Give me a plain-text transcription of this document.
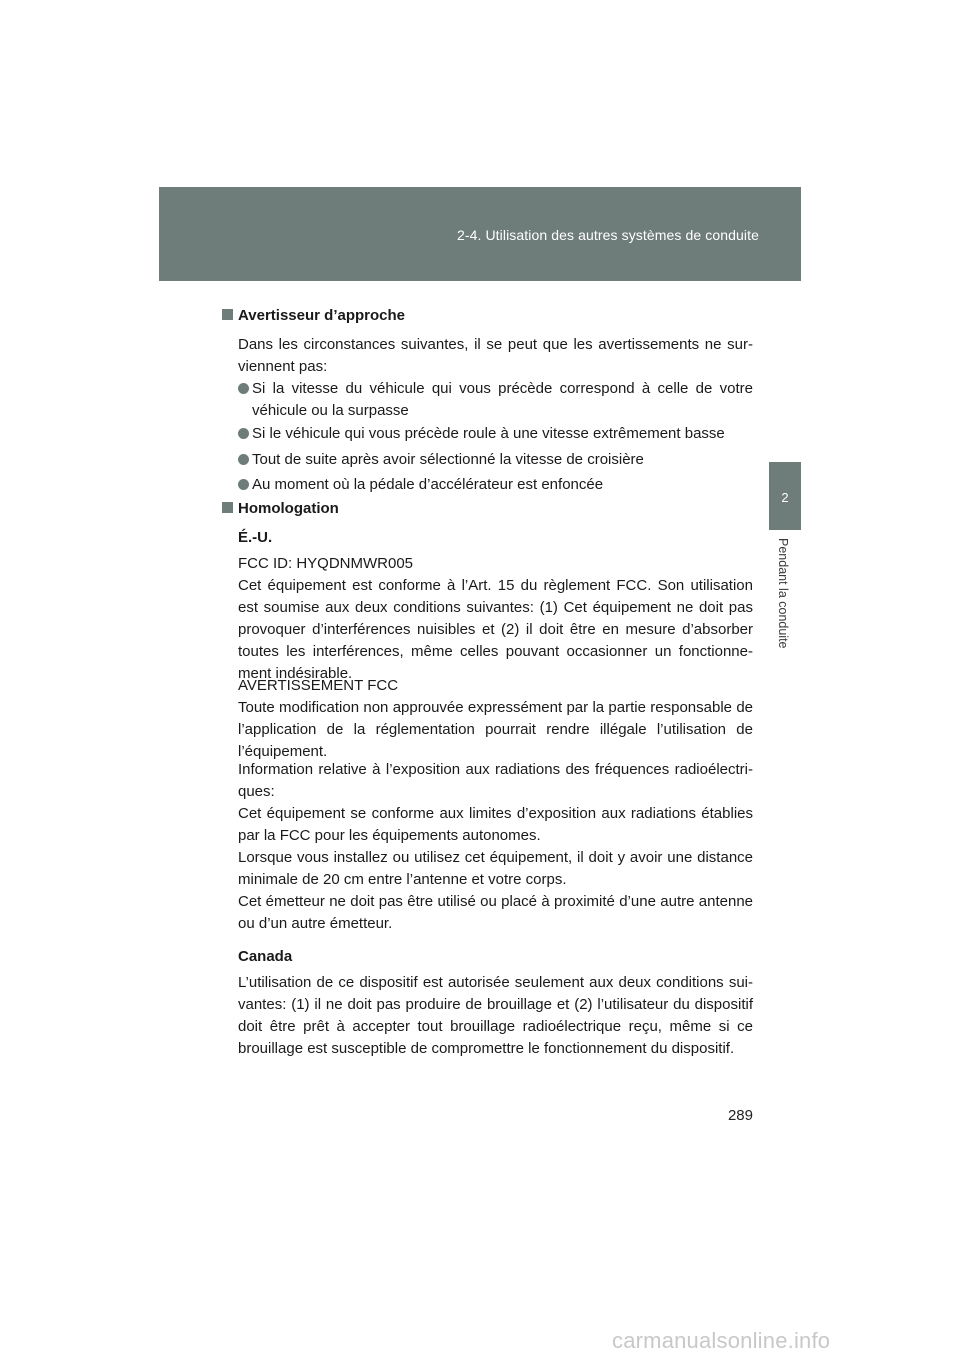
2-4. Utilisation des autres systèmes de conduite
2
Pendant la conduite
Avertisseur d’approche
Dans les circonstances suivantes, il se peut que les avertissements ne sur-viennent pas:
Si la vitesse du véhicule qui vous précède correspond à celle de votre véhicule ou la surpasse
Si le véhicule qui vous précède roule à une vitesse extrêmement basse
Tout de suite après avoir sélectionné la vitesse de croisière
Au moment où la pédale d’accélérateur est enfoncée
Homologation
É.-U.
FCC ID: HYQDNMWR005
Cet équipement est conforme à l’Art. 15 du règlement FCC. Son utilisation est soumise aux deux conditions suivantes: (1) Cet équipement ne doit pas provoquer d’interférences nuisibles et (2) il doit être en mesure d’absorber toutes les interférences, même celles pouvant occasionner un fonctionne-ment indésirable.
AVERTISSEMENT FCC
Toute modification non approuvée expressément par la partie responsable de l’application de la réglementation pourrait rendre illégale l’utilisation de l’équipement.
Information relative à l’exposition aux radiations des fréquences radioélectri-ques:
Cet équipement se conforme aux limites d’exposition aux radiations établies par la FCC pour les équipements autonomes.
Lorsque vous installez ou utilisez cet équipement, il doit y avoir une distance minimale de 20 cm entre l’antenne et votre corps.
Cet émetteur ne doit pas être utilisé ou placé à proximité d’une autre antenne ou d’un autre émetteur.
Canada
L’utilisation de ce dispositif est autorisée seulement aux deux conditions sui-vantes: (1) il ne doit pas produire de brouillage et (2) l’utilisateur du dispositif doit être prêt à accepter tout brouillage radioélectrique reçu, même si ce brouillage est susceptible de compromettre le fonctionnement du dispositif.
289
carmanualsonline.info
